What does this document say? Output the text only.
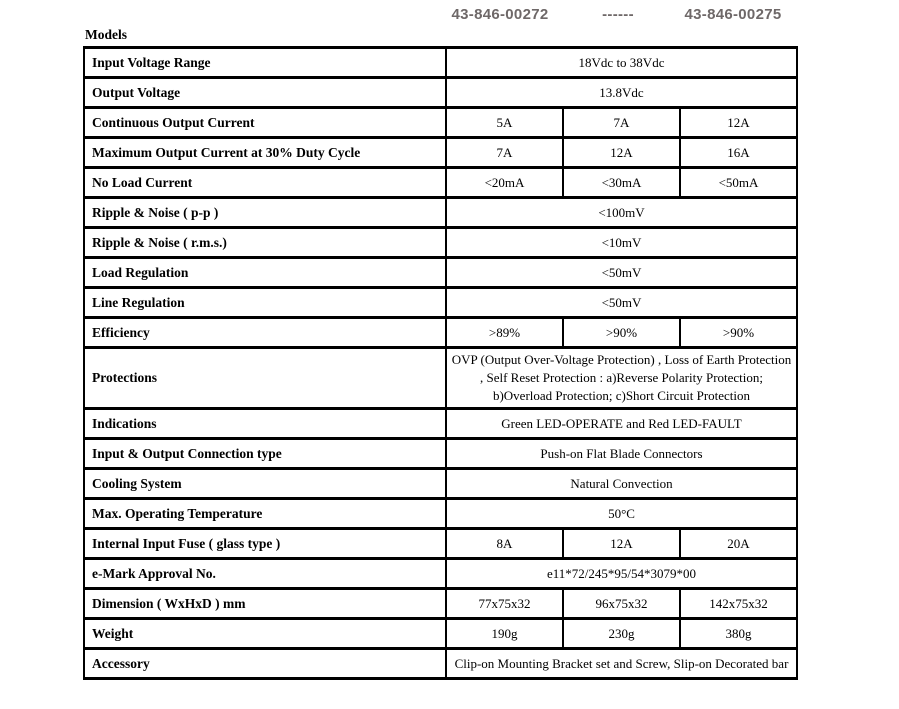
43-846-00272	------	43-846-00275
Models
Input Voltage Range	18Vdc to 38Vdc		
Output Voltage	13.8Vdc		
Continuous Output Current	5A	7A	12A
Maximum Output Current at 30% Duty Cycle	7A	12A	16A
No Load Current	<20mA	<30mA	<50mA
Ripple & Noise ( p-p )	<100mV		
Ripple & Noise ( r.m.s.)	<10mV		
Load Regulation	<50mV		
Line Regulation	<50mV		
Efficiency	>89%	>90%	>90%
Protections	OVP (Output Over-Voltage Protection) , Loss of Earth Protection , Self Reset Protection : a)Reverse Polarity Protection; b)Overload Protection; c)Short Circuit Protection		
Indications	Green LED-OPERATE and Red LED-FAULT		
Input & Output Connection type	Push-on Flat Blade Connectors		
Cooling System	Natural Convection		
Max. Operating Temperature	50°C		
Internal Input Fuse ( glass type )	8A	12A	20A
e-Mark Approval No.	e11*72/245*95/54*3079*00		
Dimension ( WxHxD ) mm	77x75x32	96x75x32	142x75x32
Weight	190g	230g	380g
Accessory	Clip-on Mounting Bracket set and Screw, Slip-on Decorated bar		
